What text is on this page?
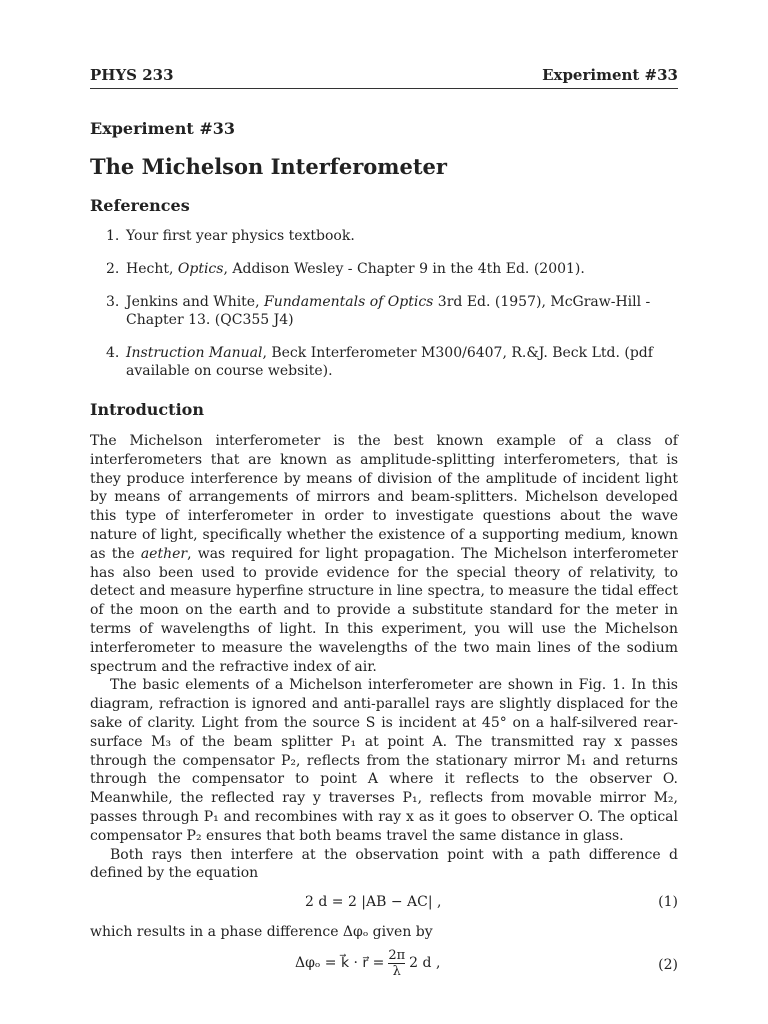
PHYS 233	Experiment #33
Experiment #33
The Michelson Interferometer
References
1. Your first year physics textbook.
2. Hecht, Optics, Addison Wesley - Chapter 9 in the 4th Ed. (2001).
3. Jenkins and White, Fundamentals of Optics 3rd Ed. (1957), McGraw-Hill - Chapter 13. (QC355 J4)
4. Instruction Manual, Beck Interferometer M300/6407, R.&J. Beck Ltd. (pdf available on course website).
Introduction

The Michelson interferometer is the best known example of a class of interferometers that are known as amplitude-splitting interferometers, that is they produce interference by means of division of the amplitude of incident light by means of arrangements of mirrors and beam-splitters. Michelson developed this type of interferometer in order to investigate questions about the wave nature of light, specifically whether the existence of a supporting medium, known as the aether, was required for light propagation. The Michelson interferometer has also been used to provide evidence for the special theory of relativity, to detect and measure hyperfine structure in line spectra, to measure the tidal effect of the moon on the earth and to provide a substitute standard for the meter in terms of wavelengths of light. In this experiment, you will use the Michelson interferometer to measure the wavelengths of the two main lines of the sodium spectrum and the refractive index of air.

The basic elements of a Michelson interferometer are shown in Fig. 1. In this diagram, refraction is ignored and anti-parallel rays are slightly displaced for the sake of clarity. Light from the source S is incident at 45° on a half-silvered rear-surface M₃ of the beam splitter P₁ at point A. The transmitted ray x passes through the compensator P₂, reflects from the stationary mirror M₁ and returns through the compensator to point A where it reflects to the observer O. Meanwhile, the reflected ray y traverses P₁, reflects from movable mirror M₂, passes through P₁ and recombines with ray x as it goes to observer O. The optical compensator P₂ ensures that both beams travel the same distance in glass.

Both rays then interfere at the observation point with a path difference d defined by the equation

2 d = 2 |AB − AC| ,	(1)

which results in a phase difference Δφₒ given by

Δφₒ = k⃗ · r⃗ = $\frac{2\pi}{\lambda} 2$ d ,	(2)
